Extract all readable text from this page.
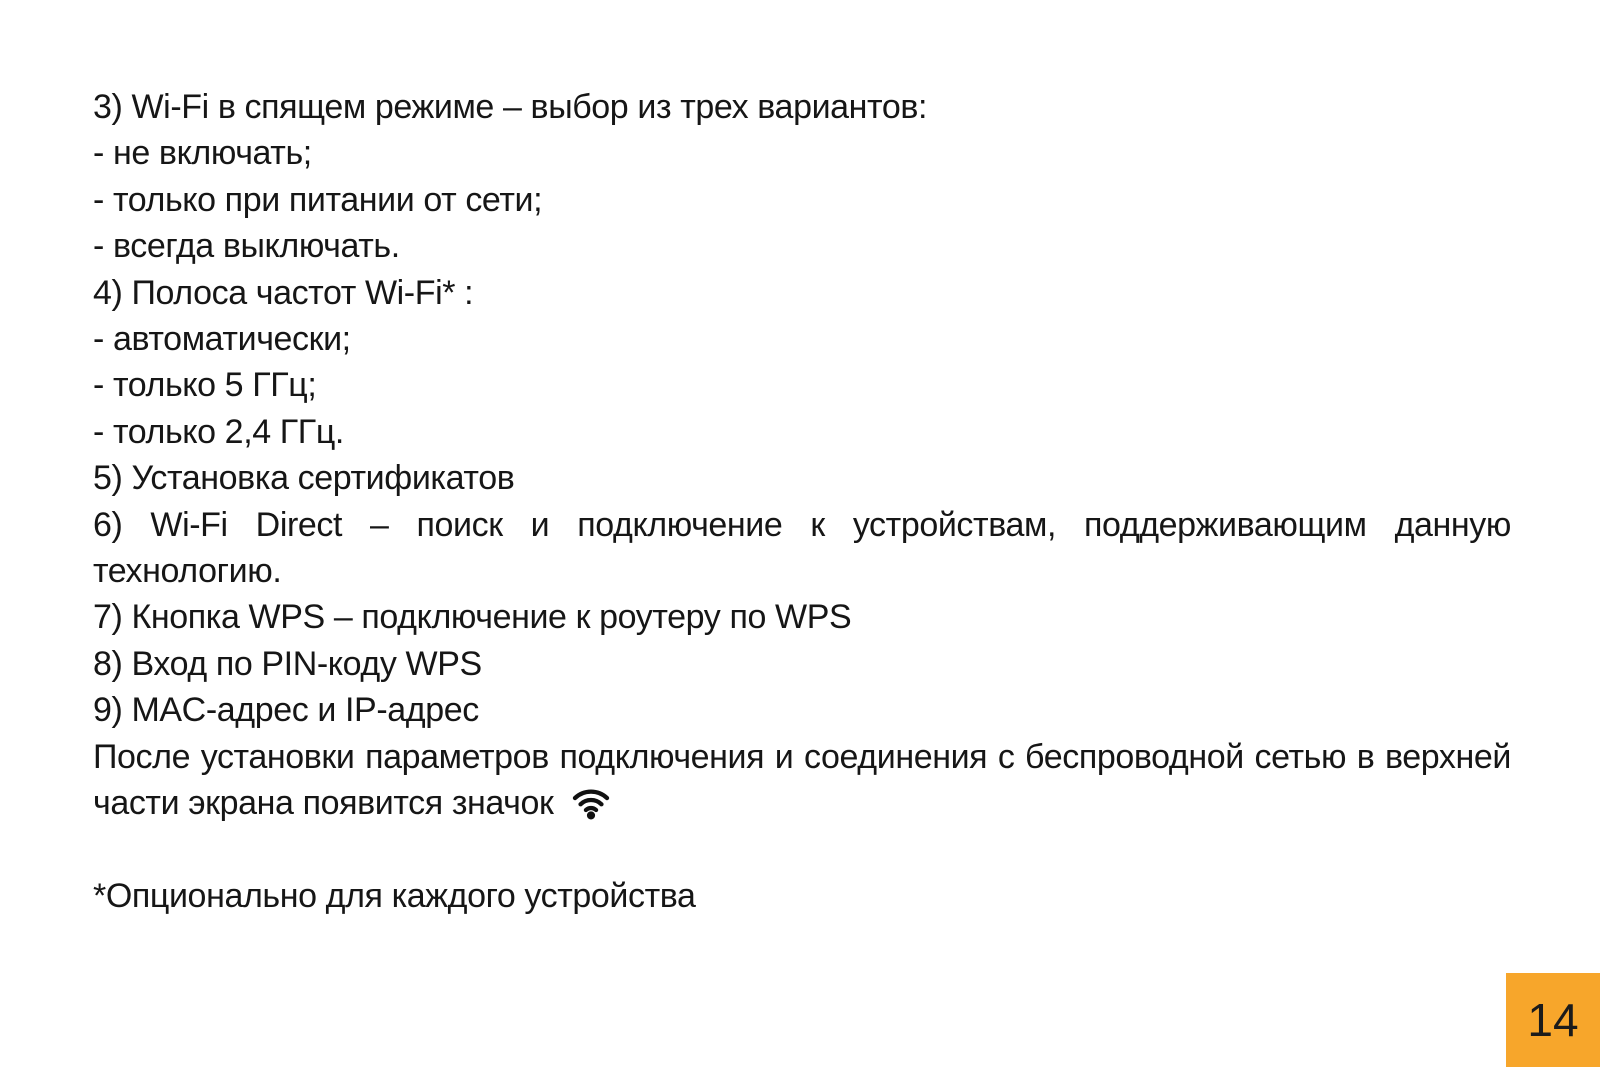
3) Wi-Fi в спящем режиме – выбор из трех вариантов:

- не включать;

- только при питании от сети;

- всегда выключать.

4) Полоса частот Wi-Fi* :

- автоматически;

- только 5 ГГц;

- только 2,4 ГГц.

5) Установка сертификатов

6) Wi-Fi Direct – поиск и подключение к устройствам, поддерживающим данную технологию.

7) Кнопка WPS – подключение к роутеру по WPS

8) Вход по PIN-коду WPS

9) MAC-адрес и IP-адрес

После установки параметров подключения и соединения с беспроводной сетью в верхней части экрана появится значок

*Опционально для каждого устройства

14
